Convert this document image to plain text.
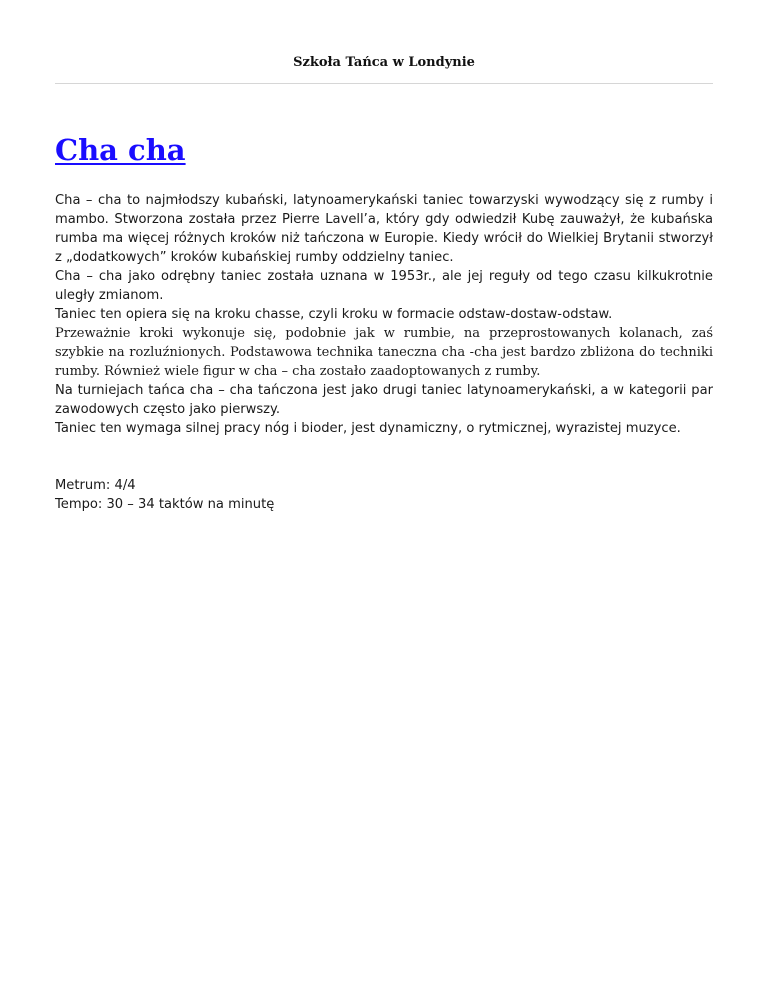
Szkoła Tańca w Londynie
Cha cha

Cha – cha to najmłodszy kubański, latynoamerykański taniec towarzyski wywodzący się z rumby i mambo. Stworzona została przez Pierre Lavell’a, który gdy odwiedził Kubę zauważył, że kubańska rumba ma więcej różnych kroków niż tańczona w Europie. Kiedy wrócił do Wielkiej Brytanii stworzył z „dodatkowych” kroków kubańskiej rumby oddzielny taniec.

Cha – cha jako odrębny taniec została uznana w 1953r., ale jej reguły od tego czasu kilkukrotnie uległy zmianom.

Taniec ten opiera się na kroku chasse, czyli kroku w formacie odstaw-dostaw-odstaw.

Przeważnie kroki wykonuje się, podobnie jak w rumbie, na przeprostowanych kolanach, zaś szybkie na rozluźnionych. Podstawowa technika taneczna cha -cha jest bardzo zbliżona do techniki rumby. Również wiele figur w cha – cha zostało zaadoptowanych z rumby.

Na turniejach tańca cha – cha tańczona jest jako drugi taniec latynoamerykański, a w kategorii par zawodowych często jako pierwszy.

Taniec ten wymaga silnej pracy nóg i bioder, jest dynamiczny, o rytmicznej, wyrazistej muzyce.

Metrum: 4/4

Tempo: 30 – 34 taktów na minutę
